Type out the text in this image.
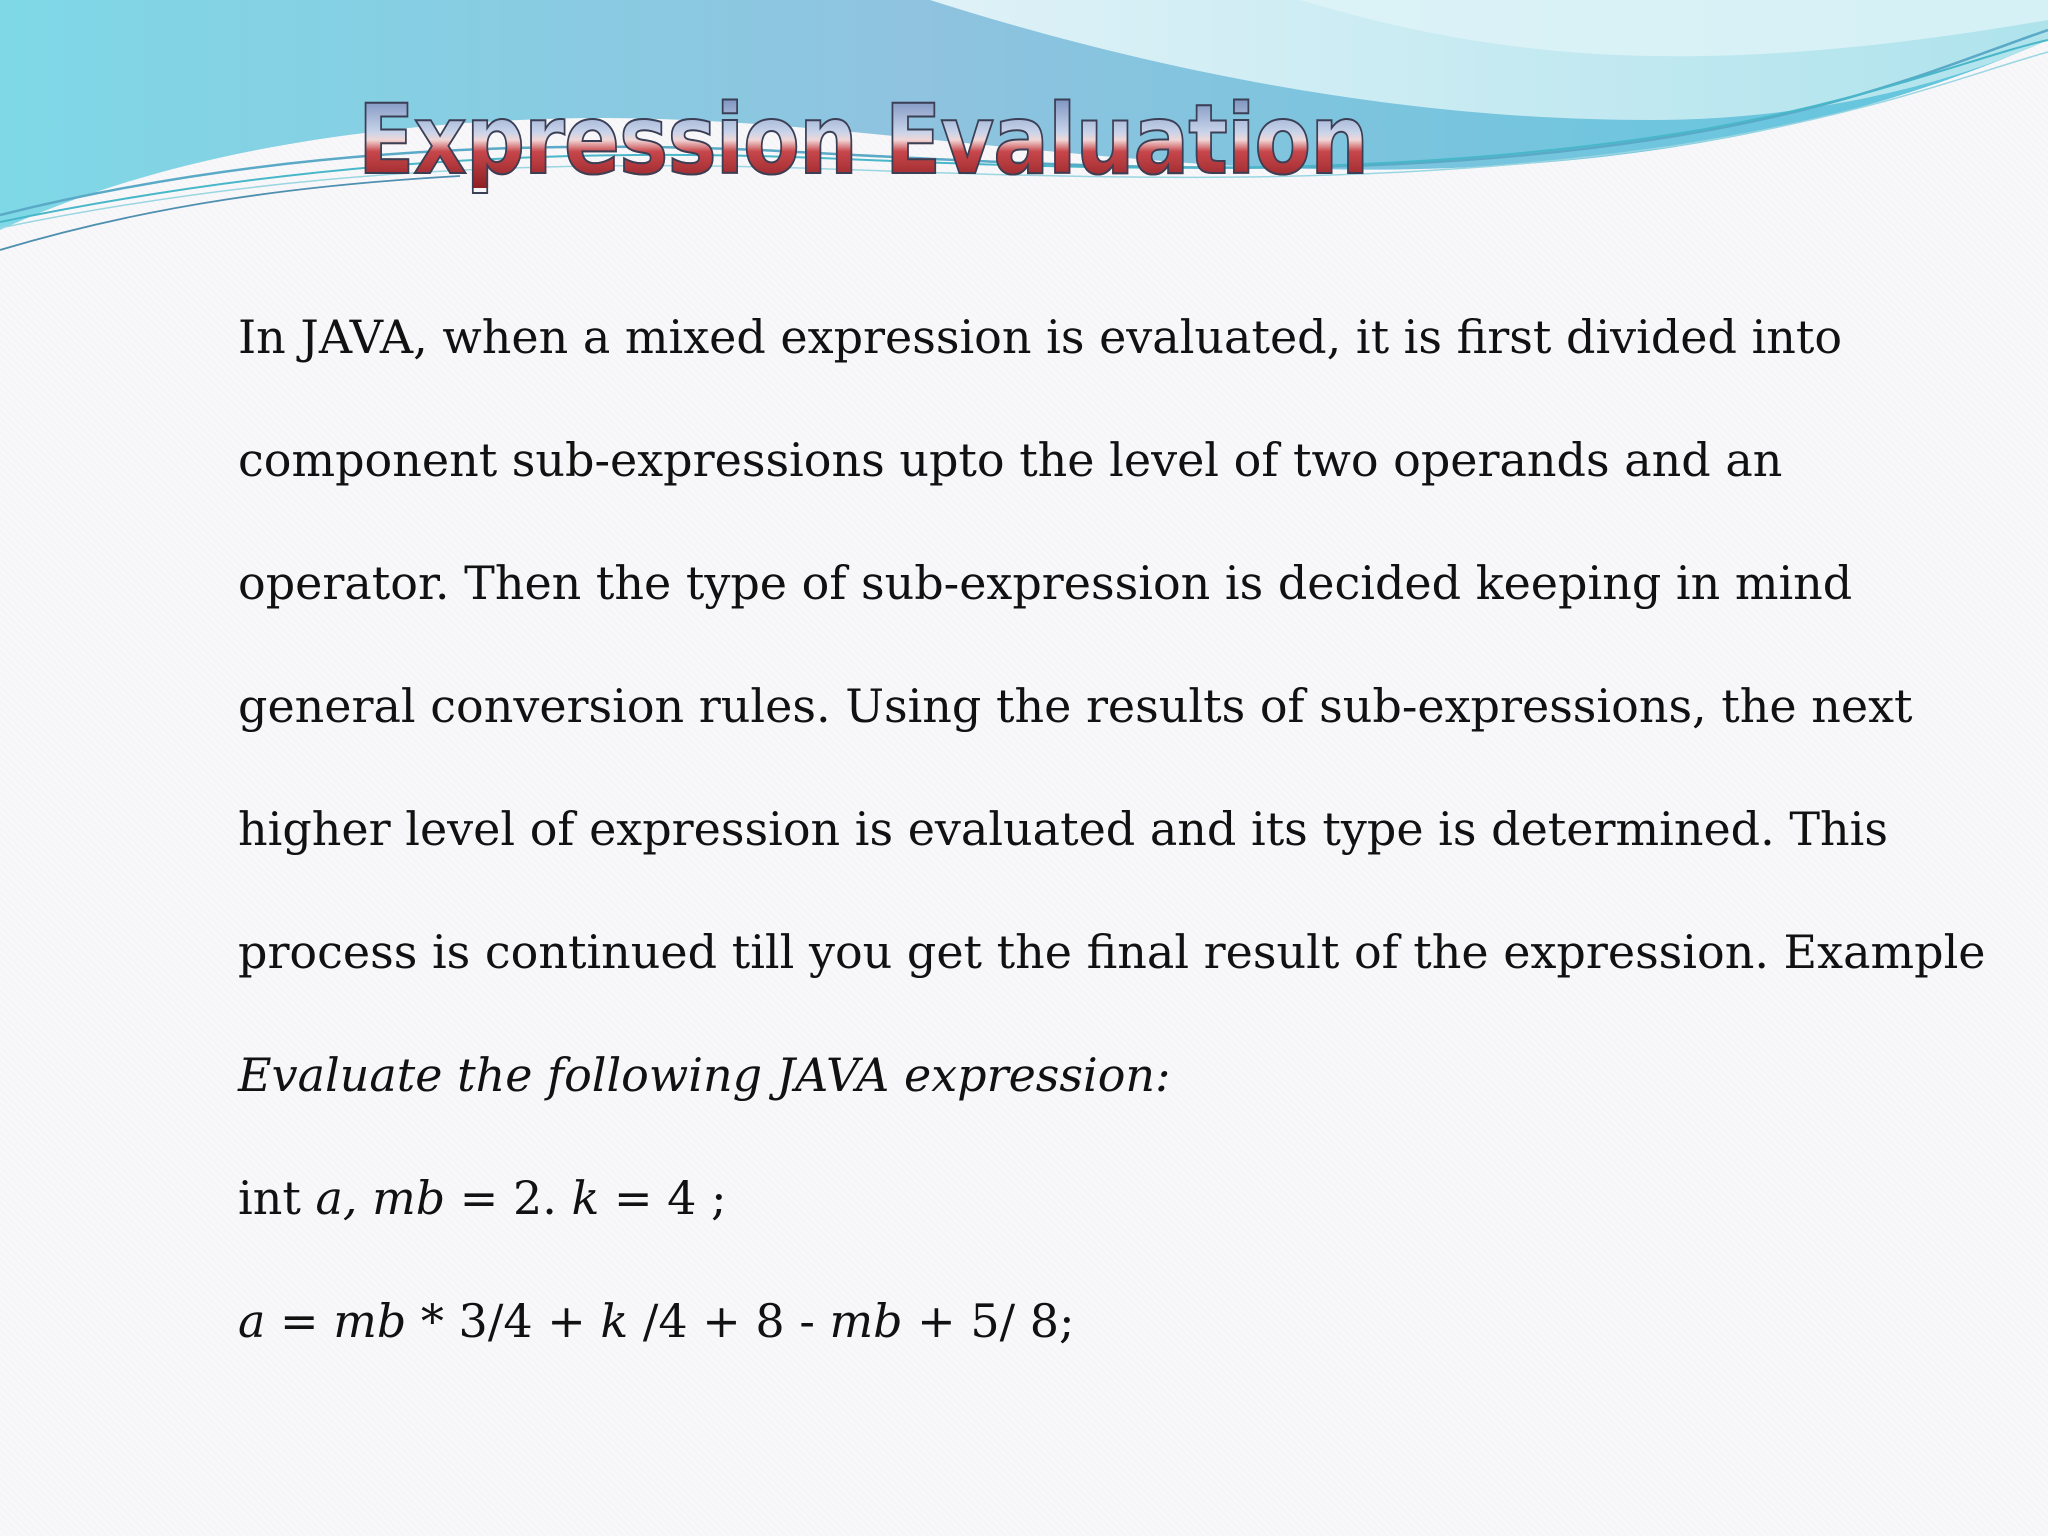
Expression Evaluation
In JAVA, when a mixed expression is evaluated, it is first divided into
component sub-expressions upto the level of two operands and an
operator. Then the type of sub-expression is decided keeping in mind
general conversion rules. Using the results of sub-expressions, the next
higher level of expression is evaluated and its type is determined. This
process is continued till you get the final result of the expression. Example
Evaluate the following JAVA expression:
int a, mb = 2. k = 4 ;
a = mb * 3/4 + k /4 + 8 - mb + 5/ 8;
